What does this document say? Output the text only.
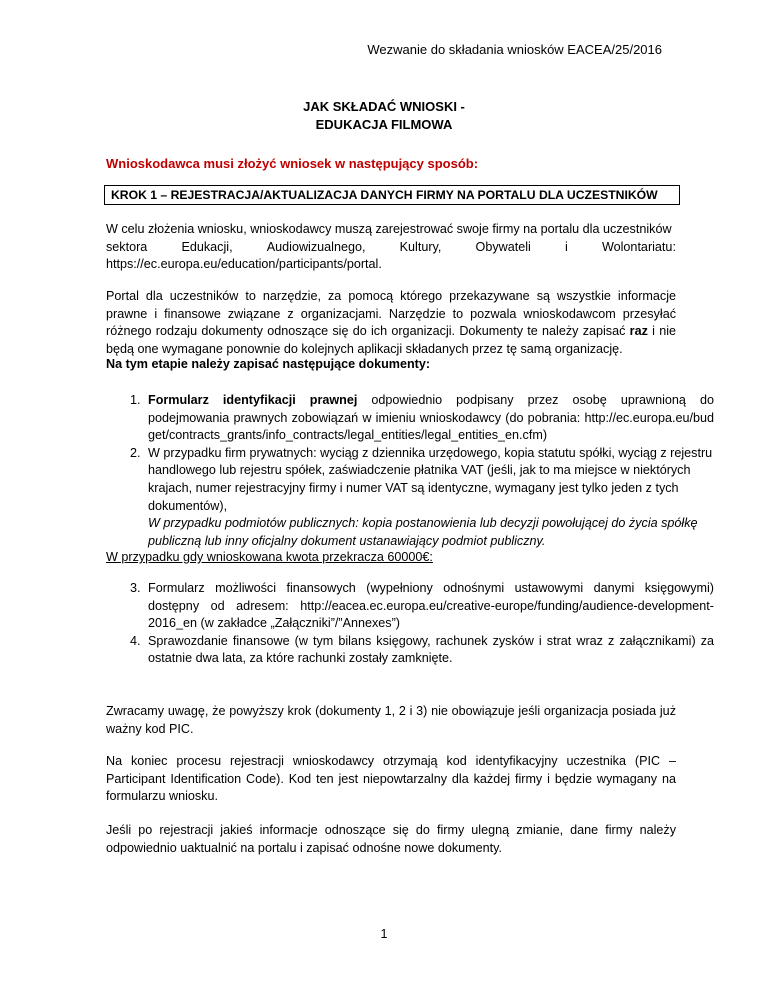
Wezwanie do składania wniosków EACEA/25/2016
JAK SKŁADAĆ WNIOSKI -
EDUKACJA FILMOWA
Wnioskodawca musi złożyć wniosek w następujący sposób:
KROK 1 – REJESTRACJA/AKTUALIZACJA DANYCH FIRMY NA PORTALU DLA UCZESTNIKÓW
W celu złożenia wniosku, wnioskodawcy muszą zarejestrować swoje firmy na portalu dla uczestników
sektora	Edukacji,	Audiowizualnego,	Kultury,	Obywateli	i	Wolontariatu:
https://ec.europa.eu/education/participants/portal.
Portal dla uczestników to narzędzie, za pomocą którego przekazywane są wszystkie informacje prawne i finansowe związane z organizacjami. Narzędzie to pozwala wnioskodawcom przesyłać różnego rodzaju dokumenty odnoszące się do ich organizacji. Dokumenty te należy zapisać raz i nie będą one wymagane ponownie do kolejnych aplikacji składanych przez tę samą organizację.
Na tym etapie należy zapisać następujące dokumenty:
1. Formularz identyfikacji prawnej odpowiednio podpisany przez osobę uprawnioną do podejmowania prawnych zobowiązań w imieniu wnioskodawcy (do pobrania: http://ec.europa.eu/budget/contracts_grants/info_contracts/legal_entities/legal_entities_en.cfm)
2. W przypadku firm prywatnych: wyciąg z dziennika urzędowego, kopia statutu spółki, wyciąg z rejestru handlowego lub rejestru spółek, zaświadczenie płatnika VAT (jeśli, jak to ma miejsce w niektórych krajach, numer rejestracyjny firmy i numer VAT są identyczne, wymagany jest tylko jeden z tych dokumentów),
W przypadku podmiotów publicznych: kopia postanowienia lub decyzji powołującej do życia spółkę publiczną lub inny oficjalny dokument ustanawiający podmiot publiczny.
W przypadku gdy wnioskowana kwota przekracza 60000€:
3. Formularz możliwości finansowych (wypełniony odnośnymi ustawowymi danymi księgowymi) dostępny od adresem: http://eacea.ec.europa.eu/creative-europe/funding/audience-development-2016_en (w zakładce „Załączniki”/”Annexes”)
4. Sprawozdanie finansowe (w tym bilans księgowy, rachunek zysków i strat wraz z załącznikami) za ostatnie dwa lata, za które rachunki zostały zamknięte.
Zwracamy uwagę, że powyższy krok (dokumenty 1, 2 i 3) nie obowiązuje jeśli organizacja posiada już ważny kod PIC.
Na koniec procesu rejestracji wnioskodawcy otrzymają kod identyfikacyjny uczestnika (PIC – Participant Identification Code). Kod ten jest niepowtarzalny dla każdej firmy i będzie wymagany na formularzu wniosku.
Jeśli po rejestracji jakieś informacje odnoszące się do firmy ulegną zmianie, dane firmy należy odpowiednio uaktualnić na portalu i zapisać odnośne nowe dokumenty.
1
